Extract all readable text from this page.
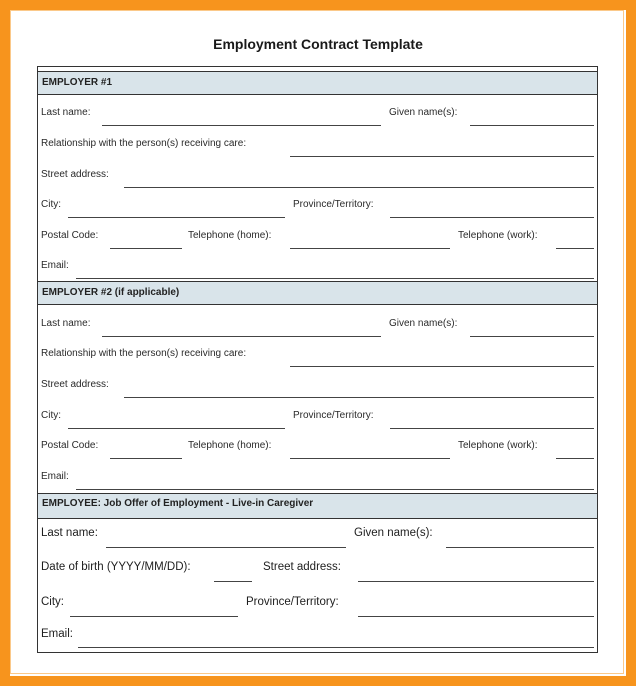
Employment Contract Template
EMPLOYER #1
Last name:	Given name(s):
Relationship with the person(s) receiving care:
Street address:
City:	Province/Territory:
Postal Code:	Telephone (home):	Telephone (work):
Email:
EMPLOYER #2 (if applicable)
Last name:	Given name(s):
Relationship with the person(s) receiving care:
Street address:
City:	Province/Territory:
Postal Code:	Telephone (home):	Telephone (work):
Email:
EMPLOYEE: Job Offer of Employment - Live-in Caregiver
Last name:	Given name(s):
Date of birth (YYYY/MM/DD):	Street address:
City:	Province/Territory:
Email:
